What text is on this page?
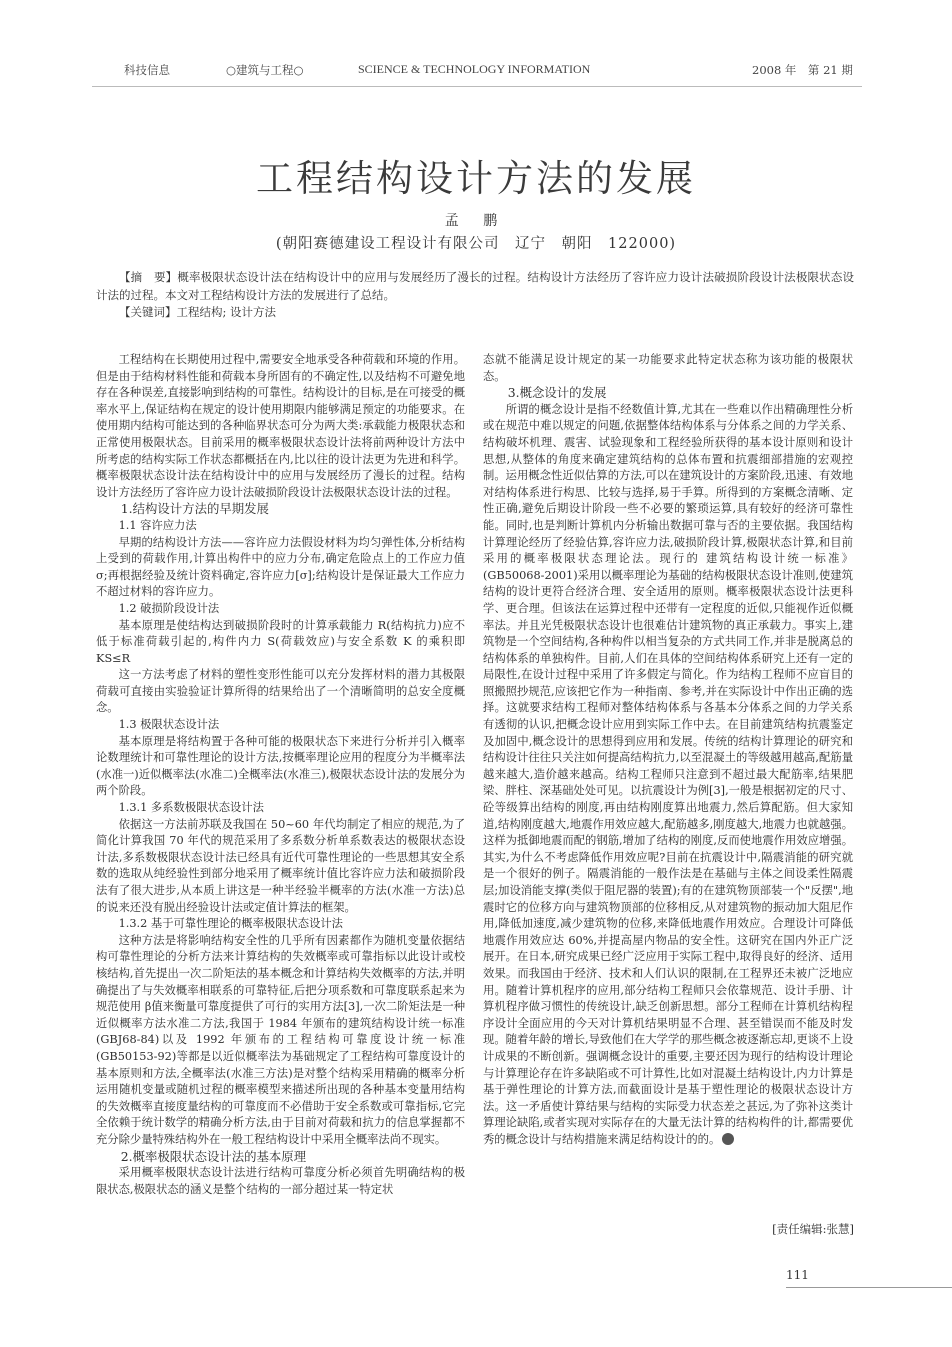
科技信息	○建筑与工程○	SCIENCE & TECHNOLOGY INFORMATION	2008 年　第 21 期
工程结构设计方法的发展
孟 鹏
(朝阳赛德建设工程设计有限公司　辽宁　朝阳　122000)

【摘　要】概率极限状态设计法在结构设计中的应用与发展经历了漫长的过程。结构设计方法经历了容许应力设计法破损阶段设计法极限状态设计法的过程。本文对工程结构设计方法的发展进行了总结。

【关键词】工程结构; 设计方法

工程结构在长期使用过程中,需要安全地承受各种荷载和环境的作用。但是由于结构材料性能和荷载本身所固有的不确定性,以及结构不可避免地存在各种误差,直接影响到结构的可靠性。结构设计的目标,是在可接受的概率水平上,保证结构在规定的设计使用期限内能够满足预定的功能要求。在使用期内结构可能达到的各种临界状态可分为两大类:承载能力极限状态和正常使用极限状态。目前采用的概率极限状态设计法将前两种设计方法中所考虑的结构实际工作状态都概括在内,比以往的设计法更为先进和科学。概率极限状态设计法在结构设计中的应用与发展经历了漫长的过程。结构设计方法经历了容许应力设计法破损阶段设计法极限状态设计法的过程。

1.结构设计方法的早期发展

1.1 容许应力法

早期的结构设计方法——容许应力法假设材料为均匀弹性体,分析结构上受到的荷载作用,计算出构件中的应力分布,确定危险点上的工作应力值 σ;再根据经验及统计资料确定,容许应力[σ];结构设计是保证最大工作应力不超过材料的容许应力。

1.2 破损阶段设计法

基本原理是使结构达到破损阶段时的计算承载能力 R(结构抗力)应不低于标准荷载引起的,构件内力 S(荷载效应)与安全系数 K 的乘积即 KS≤R

这一方法考虑了材料的塑性变形性能可以充分发挥材料的潜力其极限荷载可直接由实验验证计算所得的结果给出了一个清晰简明的总安全度概念。

1.3 极限状态设计法

基本原理是将结构置于各种可能的极限状态下来进行分析并引入概率论数理统计和可靠性理论的设计方法,按概率理论应用的程度分为半概率法(水准一)近似概率法(水准二)全概率法(水准三),极限状态设计法的发展分为两个阶段。

1.3.1 多系数极限状态设计法

依据这一方法前苏联及我国在 50~60 年代均制定了相应的规范,为了简化计算我国 70 年代的规范采用了多系数分析单系数表达的极限状态设计法,多系数极限状态设计法已经具有近代可靠性理论的一些思想其安全系数的选取从纯经验性到部分地采用了概率统计值比容许应力法和破损阶段法有了很大进步,从本质上讲这是一种半经验半概率的方法(水准一方法)总的说来还没有脱出经验设计法或定值计算法的框架。

1.3.2 基于可靠性理论的概率极限状态设计法

这种方法是将影响结构安全性的几乎所有因素都作为随机变量依据结构可靠性理论的分析方法来计算结构的失效概率或可靠指标以此设计或校核结构,首先提出一次二阶矩法的基本概念和计算结构失效概率的方法,并明确提出了与失效概率相联系的可靠特征,后把分项系数和可靠度联系起来为规范使用 β值来衡量可靠度提供了可行的实用方法[3],一次二阶矩法是一种近似概率方法水准二方法,我国于 1984 年颁布的建筑结构设计统一标准(GBJ68-84)以及 1992 年颁布的工程结构可靠度设计统一标准(GB50153-92)等都是以近似概率法为基础规定了工程结构可靠度设计的基本原则和方法,全概率法(水准三方法)是对整个结构采用精确的概率分析运用随机变量或随机过程的概率模型来描述所出现的各种基本变量用结构的失效概率直接度量结构的可靠度而不必借助于安全系数或可靠指标,它完全依赖于统计数学的精确分析方法,由于目前对荷载和抗力的信息掌握都不充分除少量特殊结构外在一般工程结构设计中采用全概率法尚不现实。

2.概率极限状态设计法的基本原理

采用概率极限状态设计法进行结构可靠度分析必须首先明确结构的极限状态,极限状态的涵义是整个结构的一部分超过某一特定状

态就不能满足设计规定的某一功能要求此特定状态称为该功能的极限状态。

3.概念设计的发展

所谓的概念设计是指不经数值计算,尤其在一些难以作出精确理性分析或在规范中难以规定的问题,依据整体结构体系与分体系之间的力学关系、结构破坏机理、震害、试验现象和工程经验所获得的基本设计原则和设计思想,从整体的角度来确定建筑结构的总体布置和抗震细部措施的宏观控制。运用概念性近似估算的方法,可以在建筑设计的方案阶段,迅速、有效地对结构体系进行构思、比较与选择,易于手算。所得到的方案概念清晰、定性正确,避免后期设计阶段一些不必要的繁琐运算,具有较好的经济可靠性能。同时,也是判断计算机内分析输出数据可靠与否的主要依据。我国结构计算理论经历了经验估算,容许应力法,破损阶段计算,极限状态计算,和目前采用的概率极限状态理论法。现行的 建筑结构设计统一标准》(GB50068-2001)采用以概率理论为基础的结构极限状态设计准则,使建筑结构的设计更符合经济合理、安全适用的原则。概率极限状态设计法更科学、更合理。但该法在运算过程中还带有一定程度的近似,只能视作近似概率法。并且光凭极限状态设计也很难估计建筑物的真正承载力。事实上,建筑物是一个空间结构,各种构件以相当复杂的方式共同工作,并非是脱离总的结构体系的单独构件。目前,人们在具体的空间结构体系研究上还有一定的局限性,在设计过程中采用了许多假定与简化。作为结构工程师不应盲目的照搬照抄规范,应该把它作为一种指南、参考,并在实际设计中作出正确的选择。这就要求结构工程师对整体结构体系与各基本分体系之间的力学关系有透彻的认识,把概念设计应用到实际工作中去。在目前建筑结构抗震鉴定及加固中,概念设计的思想得到应用和发展。传统的结构计算理论的研究和结构设计往往只关注如何提高结构抗力,以至混凝土的等级越用越高,配筋量越来越大,造价越来越高。结构工程师只注意到不超过最大配筋率,结果肥梁、胖柱、深基础处处可见。以抗震设计为例[3],一般是根据初定的尺寸、砼等级算出结构的刚度,再由结构刚度算出地震力,然后算配筋。但大家知道,结构刚度越大,地震作用效应越大,配筋越多,刚度越大,地震力也就越强。这样为抵御地震而配的钢筋,增加了结构的刚度,反而使地震作用效应增强。其实,为什么不考虑降低作用效应呢?目前在抗震设计中,隔震消能的研究就是一个很好的例子。隔震消能的一般作法是在基础与主体之间设柔性隔震层;加设消能支撑(类似于阻尼器的装置);有的在建筑物顶部装一个"反摆",地震时它的位移方向与建筑物顶部的位移相反,从对建筑物的振动加大阻尼作用,降低加速度,减少建筑物的位移,来降低地震作用效应。合理设计可降低地震作用效应达 60%,并提高屋内物品的安全性。这研究在国内外正广泛展开。在日本,研究成果已经广泛应用于实际工程中,取得良好的经济、适用效果。而我国由于经济、技术和人们认识的限制,在工程界还未被广泛地应用。随着计算机程序的应用,部分结构工程师只会依靠规范、设计手册、计算机程序做习惯性的传统设计,缺乏创新思想。部分工程师在计算机结构程序设计全面应用的今天对计算机结果明显不合理、甚至错误而不能及时发现。随着年龄的增长,导致他们在大学学的那些概念被逐渐忘却,更谈不上设计成果的不断创新。强调概念设计的重要,主要还因为现行的结构设计理论与计算理论存在许多缺陷或不可计算性,比如对混凝土结构设计,内力计算是基于弹性理论的计算方法,而截面设计是基于塑性理论的极限状态设计方法。这一矛盾使计算结果与结构的实际受力状态差之甚远,为了弥补这类计算理论缺陷,或者实现对实际存在的大量无法计算的结构构件的计,都需要优秀的概念设计与结构措施来满足结构设计的的。

[责任编辑:张慧]
111
